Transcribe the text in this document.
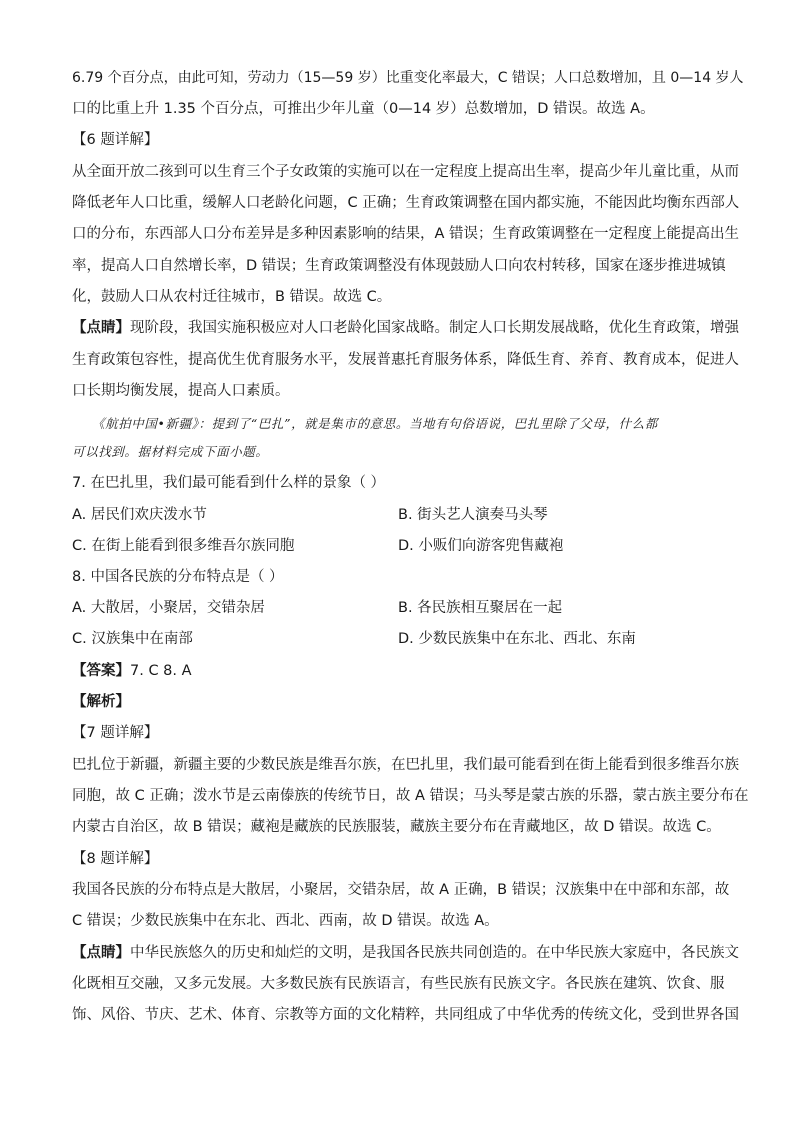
6.79 个百分点，由此可知，劳动力（15—59 岁）比重变化率最大，C 错误；人口总数增加，且 0—14 岁人
口的比重上升 1.35 个百分点，可推出少年儿童（0—14 岁）总数增加，D 错误。故选 A。
【6 题详解】
从全面开放二孩到可以生育三个子女政策的实施可以在一定程度上提高出生率，提高少年儿童比重，从而
降低老年人口比重，缓解人口老龄化问题，C 正确；生育政策调整在国内都实施，不能因此均衡东西部人
口的分布，东西部人口分布差异是多种因素影响的结果，A 错误；生育政策调整在一定程度上能提高出生
率，提高人口自然增长率，D 错误；生育政策调整没有体现鼓励人口向农村转移，国家在逐步推进城镇
化，鼓励人口从农村迁往城市，B 错误。故选 C。
【点睛】现阶段，我国实施积极应对人口老龄化国家战略。制定人口长期发展战略，优化生育政策，增强
生育政策包容性，提高优生优育服务水平，发展普惠托育服务体系，降低生育、养育、教育成本，促进人
口长期均衡发展，提高人口素质。
《航拍中国•新疆》：提到了“巴扎”，就是集市的意思。当地有句俗语说，巴扎里除了父母，什么都
可以找到。据材料完成下面小题。
7. 在巴扎里，我们最可能看到什么样的景象（ ）
A. 居民们欢庆泼水节	B. 街头艺人演奏马头琴
C. 在街上能看到很多维吾尔族同胞	D. 小贩们向游客兜售藏袍
8. 中国各民族的分布特点是（ ）
A. 大散居，小聚居，交错杂居	B. 各民族相互聚居在一起
C. 汉族集中在南部	D. 少数民族集中在东北、西北、东南
【答案】7. C 8. A
【解析】
【7 题详解】
巴扎位于新疆，新疆主要的少数民族是维吾尔族，在巴扎里，我们最可能看到在街上能看到很多维吾尔族
同胞，故 C 正确；泼水节是云南傣族的传统节日，故 A 错误；马头琴是蒙古族的乐器，蒙古族主要分布在
内蒙古自治区，故 B 错误；藏袍是藏族的民族服装，藏族主要分布在青藏地区，故 D 错误。故选 C。
【8 题详解】
我国各民族的分布特点是大散居，小聚居，交错杂居，故 A 正确，B 错误；汉族集中在中部和东部，故
C 错误；少数民族集中在东北、西北、西南，故 D 错误。故选 A。
【点睛】中华民族悠久的历史和灿烂的文明，是我国各民族共同创造的。在中华民族大家庭中，各民族文
化既相互交融，又多元发展。大多数民族有民族语言，有些民族有民族文字。各民族在建筑、饮食、服
饰、风俗、节庆、艺术、体育、宗教等方面的文化精粹，共同组成了中华优秀的传统文化，受到世界各国
